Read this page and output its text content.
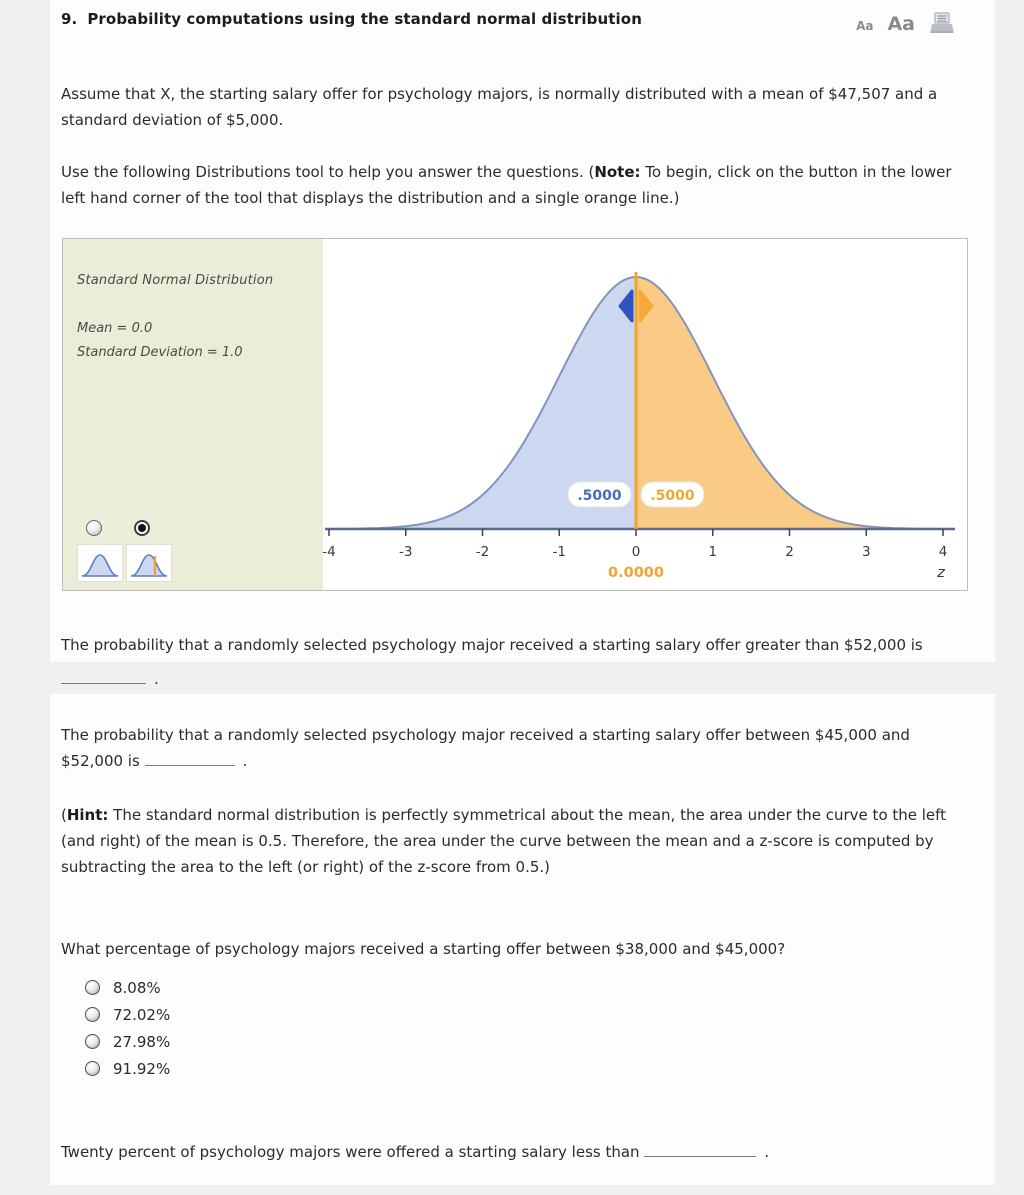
9. Probability computations using the standard normal distribution	Aa Aa

Assume that X, the starting salary offer for psychology majors, is normally distributed with a mean of $47,507 and a standard deviation of $5,000.

Use the following Distributions tool to help you answer the questions. (Note: To begin, click on the button in the lower left hand corner of the tool that displays the distribution and a single orange line.)

Standard Normal Distribution
Mean = 0.0
Standard Deviation = 1.0
-4	-3	-2	-1	0	1	2	3	4
.5000 .5000
0.0000	z

The probability that a randomly selected psychology major received a starting salary offer greater than $52,000 is

.

The probability that a randomly selected psychology major received a starting salary offer between $45,000 and $52,000 is	.

(Hint: The standard normal distribution is perfectly symmetrical about the mean, the area under the curve to the left (and right) of the mean is 0.5. Therefore, the area under the curve between the mean and a z-score is computed by subtracting the area to the left (or right) of the z-score from 0.5.)

What percentage of psychology majors received a starting offer between $38,000 and $45,000?

8.08%
72.02%
27.98%
91.92%

Twenty percent of psychology majors were offered a starting salary less than	.
